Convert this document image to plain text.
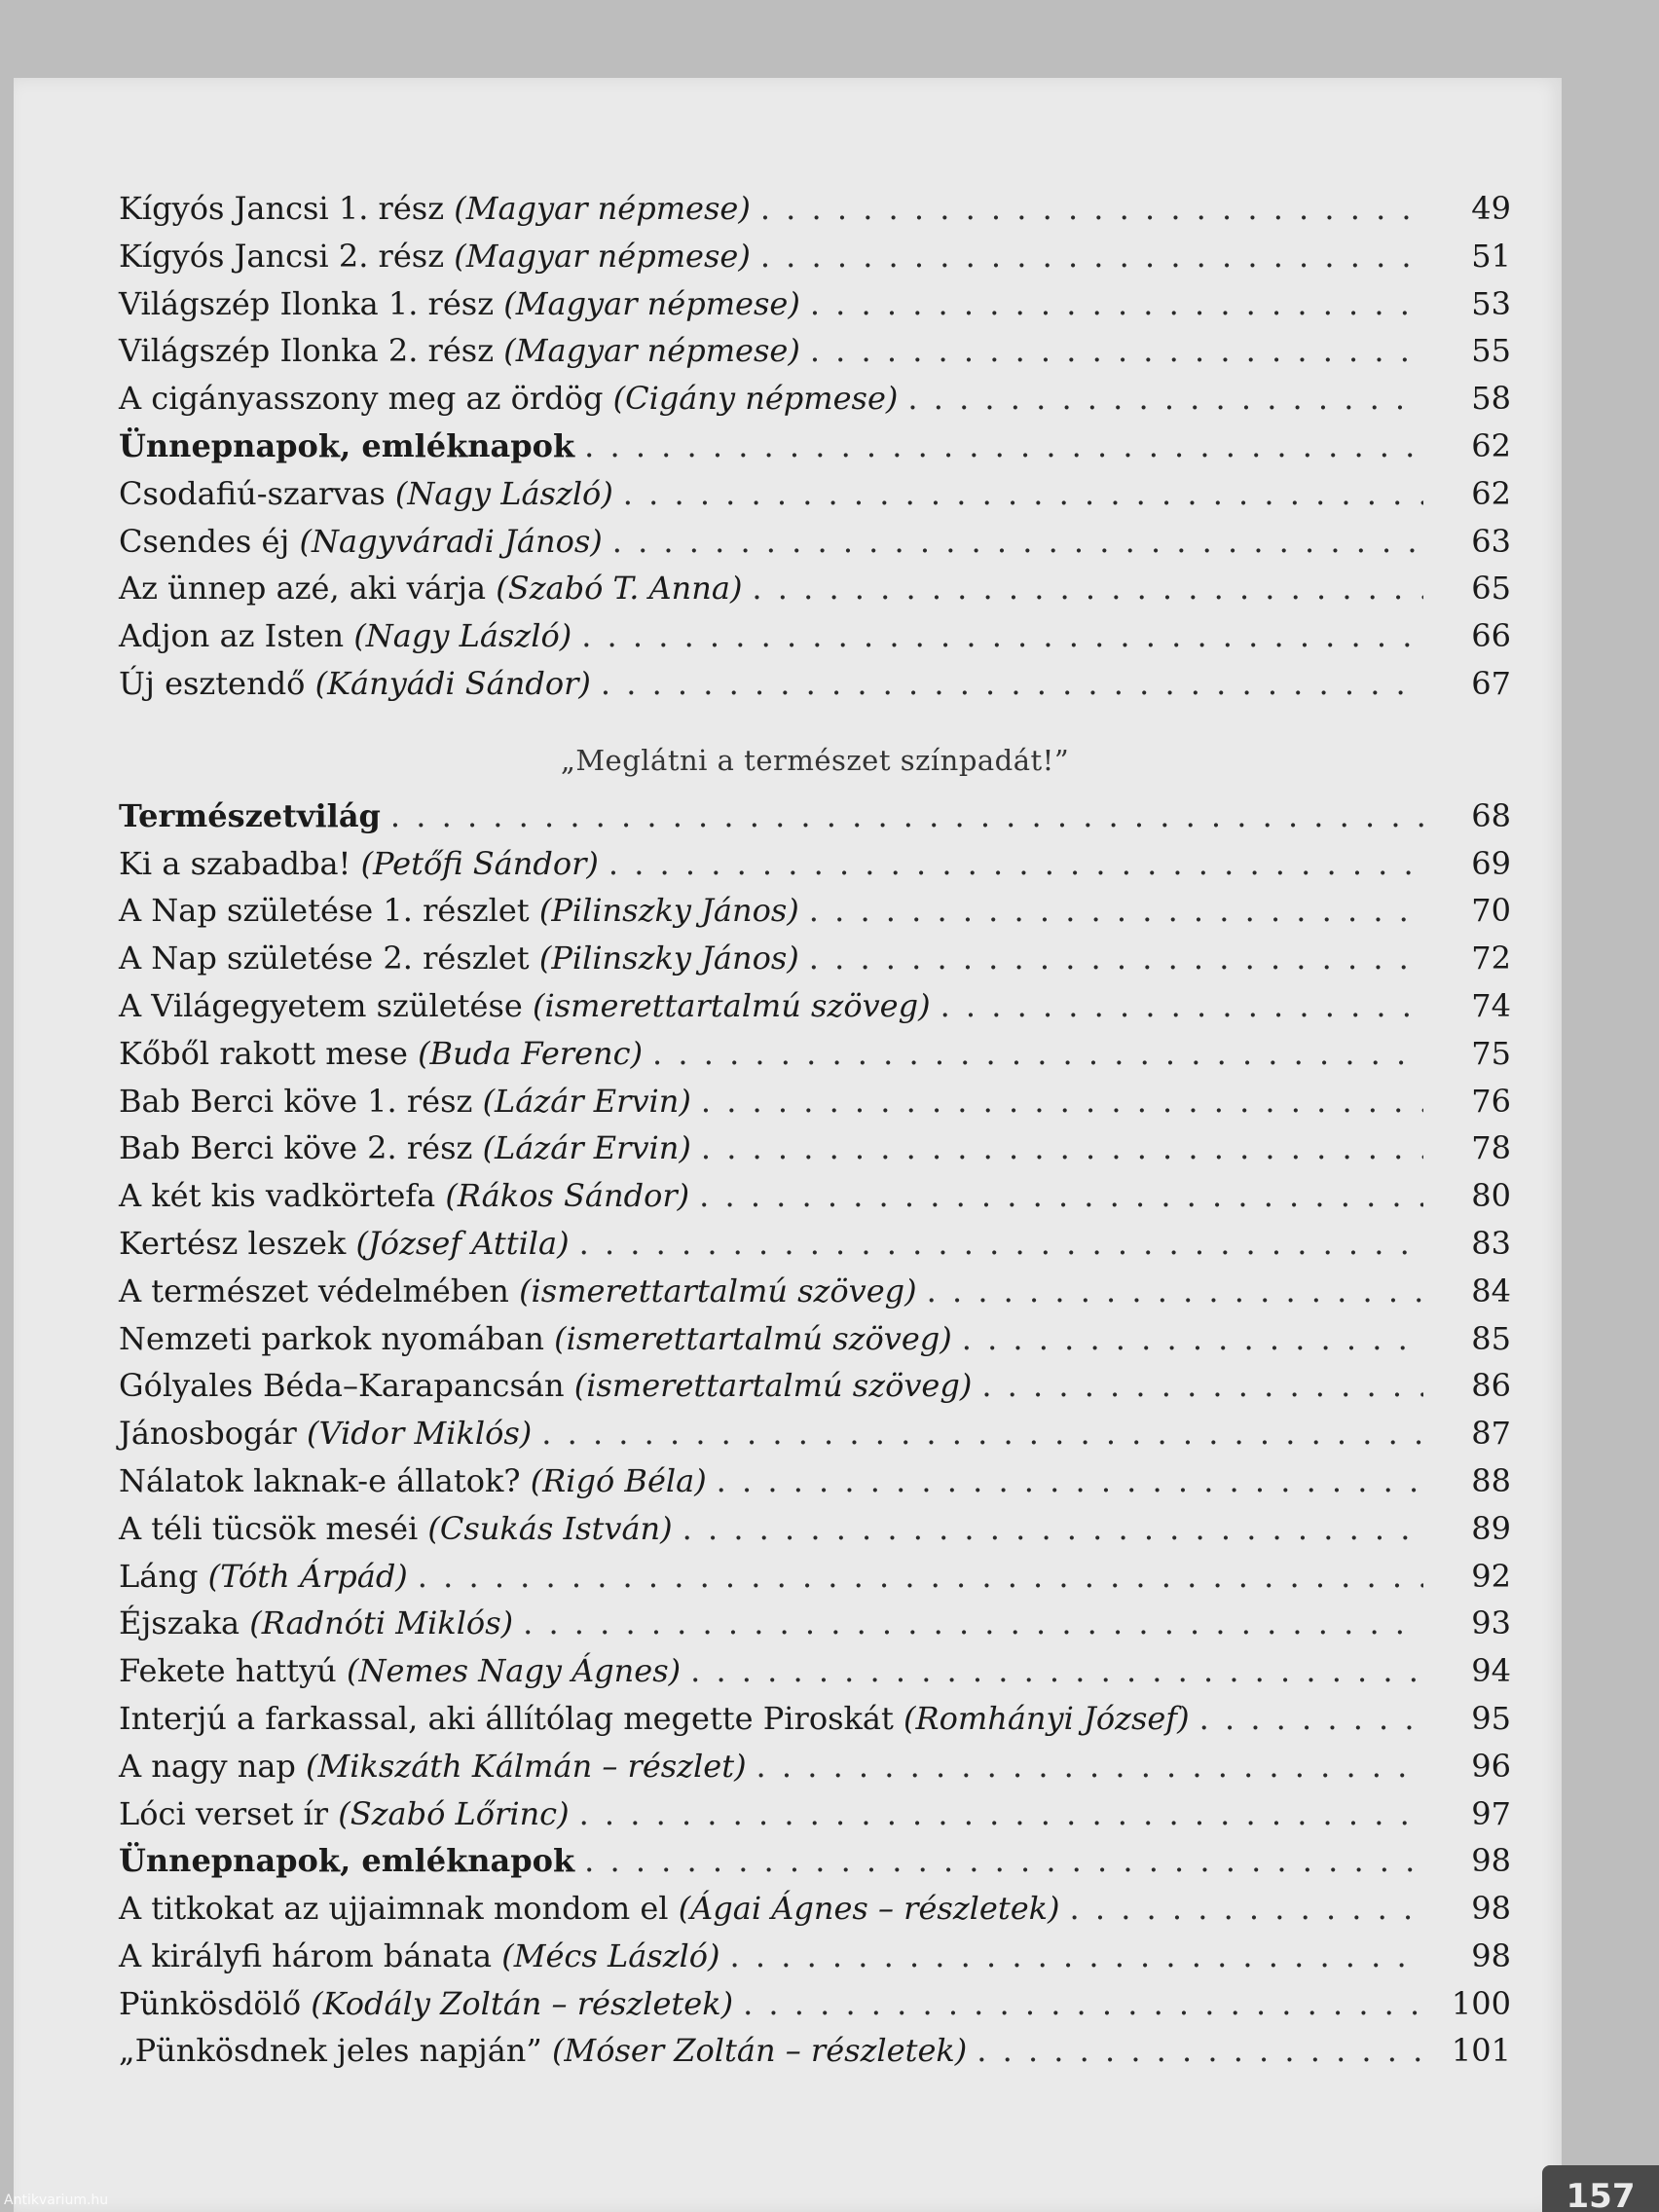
Kígyós Jancsi 1. rész (Magyar népmese) . . .	49
Kígyós Jancsi 2. rész (Magyar népmese) . . .	51
Világszép Ilonka 1. rész (Magyar népmese) . . .	53
Világszép Ilonka 2. rész (Magyar népmese) . . .	55
A cigányasszony meg az ördög (Cigány népmese) . . .	58
Ünnepnapok, emléknapok . . .	62
Csodafiú-szarvas (Nagy László) . . .	62
Csendes éj (Nagyváradi János) . . .	63
Az ünnep azé, aki várja (Szabó T. Anna) . . .	65
Adjon az Isten (Nagy László) . . .	66
Új esztendő (Kányádi Sándor) . . .	67
„Meglátni a természet színpadát!”
Természetvilág . . .	68
Ki a szabadba! (Petőfi Sándor) . . .	69
A Nap születése 1. részlet (Pilinszky János) . . .	70
A Nap születése 2. részlet (Pilinszky János) . . .	72
A Világegyetem születése (ismerettartalmú szöveg) . . .	74
Kőből rakott mese (Buda Ferenc) . . .	75
Bab Berci köve 1. rész (Lázár Ervin) . . .	76
Bab Berci köve 2. rész (Lázár Ervin) . . .	78
A két kis vadkörtefa (Rákos Sándor) . . .	80
Kertész leszek (József Attila) . . .	83
A természet védelmében (ismerettartalmú szöveg) . . .	84
Nemzeti parkok nyomában (ismerettartalmú szöveg) . . .	85
Gólyales Béda–Karapancsán (ismerettartalmú szöveg) . . .	86
Jánosbogár (Vidor Miklós) . . .	87
Nálatok laknak-e állatok? (Rigó Béla) . . .	88
A téli tücsök meséi (Csukás István) . . .	89
Láng (Tóth Árpád) . . .	92
Éjszaka (Radnóti Miklós) . . .	93
Fekete hattyú (Nemes Nagy Ágnes) . . .	94
Interjú a farkassal, aki állítólag megette Piroskát (Romhányi József) . . .	95
A nagy nap (Mikszáth Kálmán – részlet) . . .	96
Lóci verset ír (Szabó Lőrinc) . . .	97
Ünnepnapok, emléknapok . . .	98
A titkokat az ujjaimnak mondom el (Ágai Ágnes – részletek) . . .	98
A királyfi három bánata (Mécs László) . . .	98
Pünkösdölő (Kodály Zoltán – részletek) . . .	100
„Pünkösdnek jeles napján” (Móser Zoltán – részletek) . . .	101
157
Antikvarium.hu
